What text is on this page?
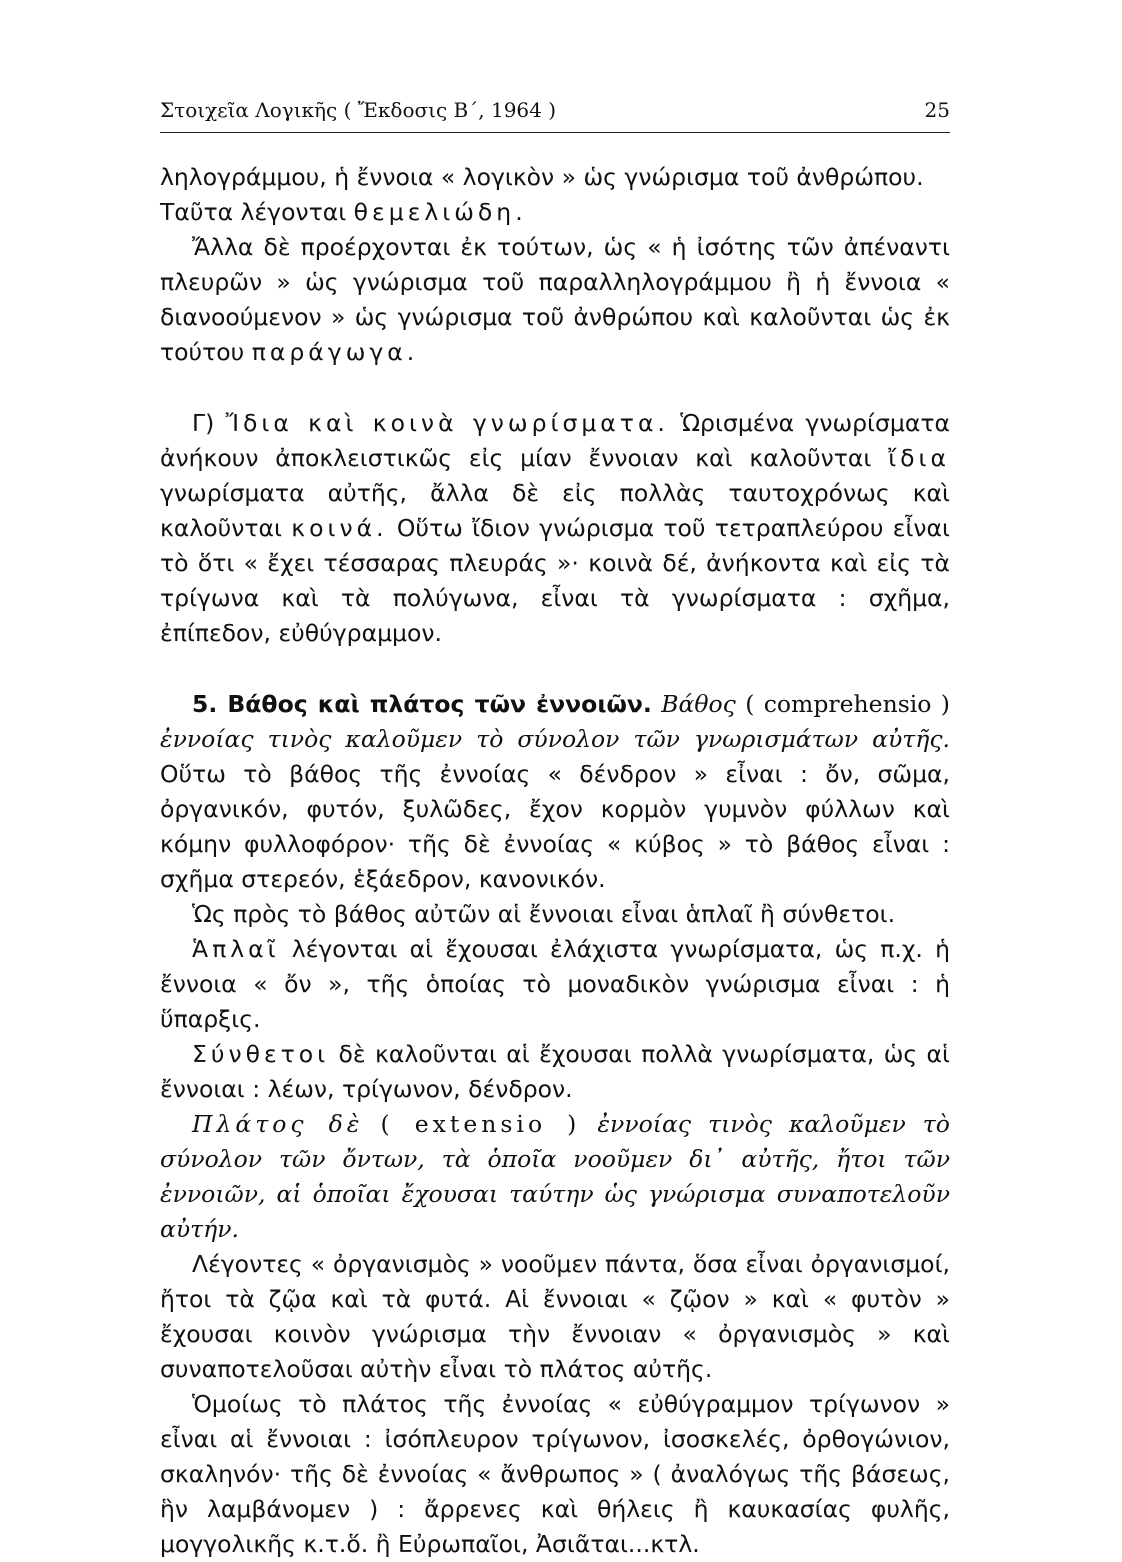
Στοιχεῖα Λογικῆς ( Ἔκδοσις Β΄, 1964 )	25

ληλογράμμου, ἡ ἔννοια « λογικὸν » ὡς γνώρισμα τοῦ ἀνθρώπου.
Ταῦτα λέγονται θεμελιώδη.

Ἄλλα δὲ προέρχονται ἐκ τούτων, ὡς « ἡ ἰσότης τῶν ἀπέναντι πλευρῶν » ὡς γνώρισμα τοῦ παραλληλογράμμου ἢ ἡ ἔννοια « διανοούμενον » ὡς γνώρισμα τοῦ ἀνθρώπου καὶ καλοῦνται ὡς ἐκ τούτου παράγωγα.

Γ) Ἴδια καὶ κοινὰ γνωρίσματα. Ὡρισμένα γνωρίσματα ἀνήκουν ἀποκλειστικῶς εἰς μίαν ἔννοιαν καὶ καλοῦνται ἴδια γνωρίσματα αὐτῆς, ἄλλα δὲ εἰς πολλὰς ταυτοχρόνως καὶ καλοῦνται κοινά. Οὕτω ἴδιον γνώρισμα τοῦ τετραπλεύρου εἶναι τὸ ὅτι « ἔχει τέσσαρας πλευράς »· κοινὰ δέ, ἀνήκοντα καὶ εἰς τὰ τρίγωνα καὶ τὰ πολύγωνα, εἶναι τὰ γνωρίσματα : σχῆμα, ἐπίπεδον, εὐθύγραμμον.

5. Βάθος καὶ πλάτος τῶν ἐννοιῶν. Βάθος ( comprehensio ) ἐννοίας τινὸς καλοῦμεν τὸ σύνολον τῶν γνωρισμάτων αὐτῆς. Οὕτω τὸ βάθος τῆς ἐννοίας « δένδρον » εἶναι : ὄν, σῶμα, ὀργανικόν, φυτόν, ξυλῶδες, ἔχον κορμὸν γυμνὸν φύλλων καὶ κόμην φυλλοφόρον· τῆς δὲ ἐννοίας « κύβος » τὸ βάθος εἶναι : σχῆμα στερεόν, ἑξάεδρον, κανονικόν.

Ὡς πρὸς τὸ βάθος αὐτῶν αἱ ἔννοιαι εἶναι ἁπλαῖ ἢ σύνθετοι.

Ἁπλαῖ λέγονται αἱ ἔχουσαι ἐλάχιστα γνωρίσματα, ὡς π.χ. ἡ ἔννοια « ὄν », τῆς ὁποίας τὸ μοναδικὸν γνώρισμα εἶναι : ἡ ὕπαρξις.

Σύνθετοι δὲ καλοῦνται αἱ ἔχουσαι πολλὰ γνωρίσματα, ὡς αἱ ἔννοιαι : λέων, τρίγωνον, δένδρον.

Πλάτος δὲ ( extensio ) ἐννοίας τινὸς καλοῦμεν τὸ σύνολον τῶν ὄντων, τὰ ὁποῖα νοοῦμεν δι᾽ αὐτῆς, ἤτοι τῶν ἐννοιῶν, αἱ ὁποῖαι ἔχουσαι ταύτην ὡς γνώρισμα συναποτελοῦν αὐτήν.

Λέγοντες « ὀργανισμὸς » νοοῦμεν πάντα, ὅσα εἶναι ὀργανισμοί, ἤτοι τὰ ζῷα καὶ τὰ φυτά. Αἱ ἔννοιαι « ζῷον » καὶ « φυτὸν » ἔχουσαι κοινὸν γνώρισμα τὴν ἔννοιαν « ὀργανισμὸς » καὶ συναποτελοῦσαι αὐτὴν εἶναι τὸ πλάτος αὐτῆς.

Ὁμοίως τὸ πλάτος τῆς ἐννοίας « εὐθύγραμμον τρίγωνον » εἶναι αἱ ἔννοιαι : ἰσόπλευρον τρίγωνον, ἰσοσκελές, ὀρθογώνιον, σκαληνόν· τῆς δὲ ἐννοίας « ἄνθρωπος » ( ἀναλόγως τῆς βάσεως, ἣν λαμβάνομεν ) : ἄρρενες καὶ θήλεις ἢ καυκασίας φυλῆς, μογγολικῆς κ.τ.ὅ. ἢ Εὐρωπαῖοι, Ἀσιᾶται...κτλ.
